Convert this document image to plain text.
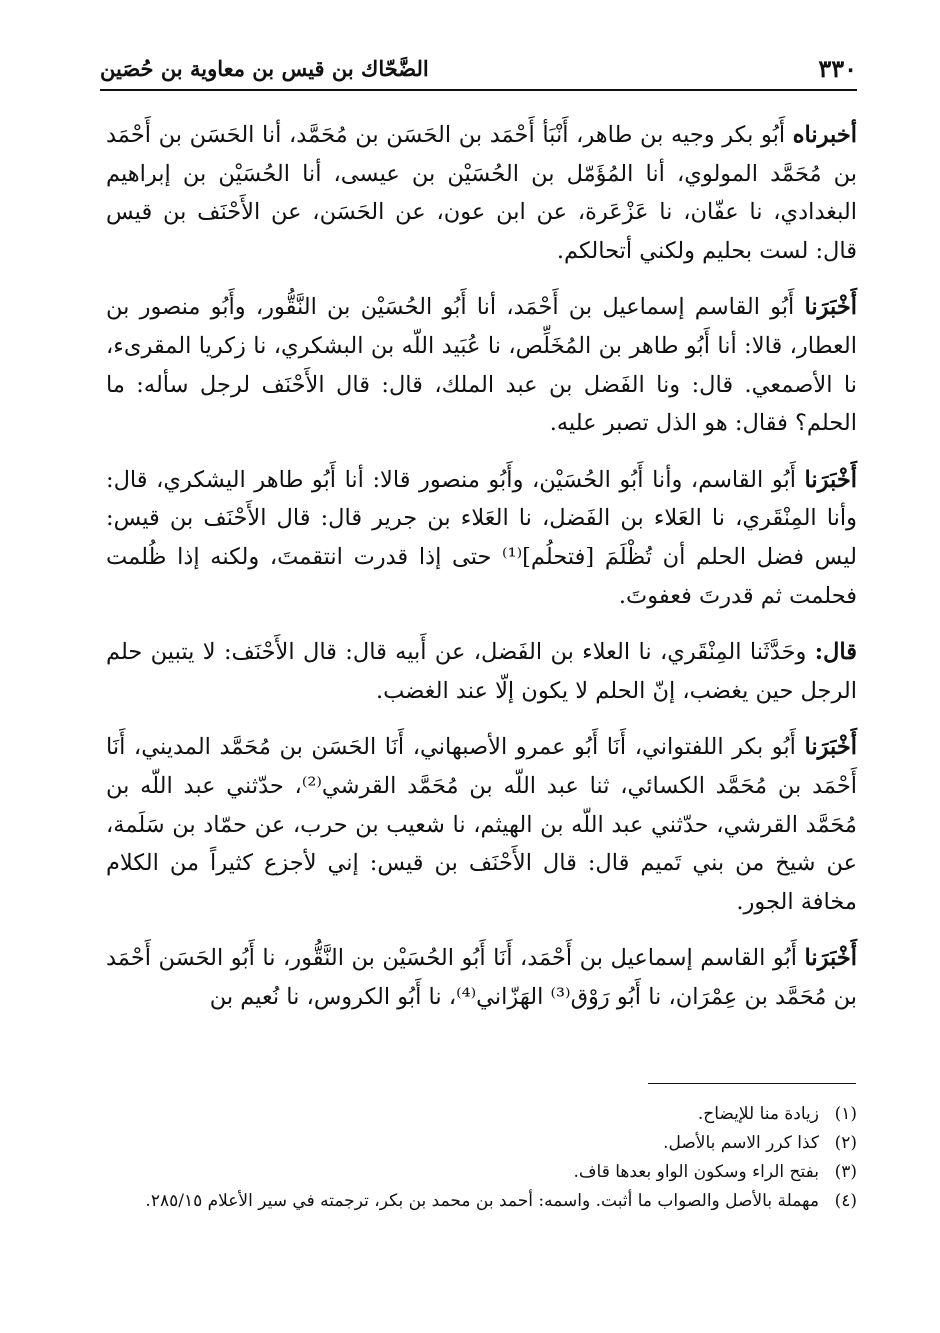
٣٣٠
الضَّحّاك بن قيس بن معاوية بن حُصَين

أخبرناه أَبُو بكر وجيه بن طاهر، أَنْبَأ أَحْمَد بن الحَسَن بن مُحَمَّد، أنا الحَسَن بن أَحْمَد بن مُحَمَّد المولوي، أنا المُؤَمّل بن الحُسَيْن بن عيسى، أنا الحُسَيْن بن إبراهيم البغدادي، نا عفّان، نا عَزْعَرة، عن ابن عون، عن الحَسَن، عن الأَحْنَف بن قيس قال: لست بحليم ولكني أتحالكم.

أَخْبَرَنا أَبُو القاسم إسماعيل بن أَحْمَد، أنا أَبُو الحُسَيْن بن النَّقُّور، وأَبُو منصور بن العطار، قالا: أنا أَبُو طاهر بن المُخَلِّص، نا عُبَيد اللّه بن البشكري، نا زكريا المقرىء، نا الأصمعي. قال: ونا الفَضل بن عبد الملك، قال: قال الأَحْنَف لرجل سأله: ما الحلم؟ فقال: هو الذل تصبر عليه.

أَخْبَرَنا أَبُو القاسم، وأنا أَبُو الحُسَيْن، وأَبُو منصور قالا: أنا أَبُو طاهر اليشكري، قال: وأنا المِنْقَري، نا العَلاء بن الفَضل، نا العَلاء بن جرير قال: قال الأَحْنَف بن قيس: ليس فضل الحلم أن تُظْلَمَ [فتحلُم]⁽¹⁾ حتى إذا قدرت انتقمتَ، ولكنه إذا ظُلمت فحلمت ثم قدرتَ فعفوتَ.

قال: وحَدَّثَنا المِنْقَري، نا العلاء بن الفَضل، عن أَبيه قال: قال الأَحْنَف: لا يتبين حلم الرجل حين يغضب، إنّ الحلم لا يكون إلّا عند الغضب.

أَخْبَرَنا أَبُو بكر اللفتواني، أَنَا أَبُو عمرو الأصبهاني، أَنَا الحَسَن بن مُحَمَّد المديني، أَنَا أَحْمَد بن مُحَمَّد الكسائي، ثنا عبد اللّه بن مُحَمَّد القرشي⁽²⁾، حدّثني عبد اللّه بن مُحَمَّد القرشي، حدّثني عبد اللّه بن الهيثم، نا شعيب بن حرب، عن حمّاد بن سَلَمة، عن شيخ من بني تَميم قال: قال الأَحْنَف بن قيس: إني لأجزع كثيراً من الكلام مخافة الجور.

أَخْبَرَنا أَبُو القاسم إسماعيل بن أَحْمَد، أَنَا أَبُو الحُسَيْن بن النَّقُّور، نا أَبُو الحَسَن أَحْمَد بن مُحَمَّد بن عِمْرَان، نا أَبُو رَوْق⁽³⁾ الهَزّاني⁽⁴⁾، نا أَبُو الكروس، نا نُعيم بن

(١)
زيادة منا للإيضاح.
(٢)
كذا كرر الاسم بالأصل.
(٣)
بفتح الراء وسكون الواو بعدها قاف.
(٤)
مهملة بالأصل والصواب ما أثبت. واسمه: أحمد بن محمد بن بكر، ترجمته في سير الأعلام ٢٨٥/١٥.
